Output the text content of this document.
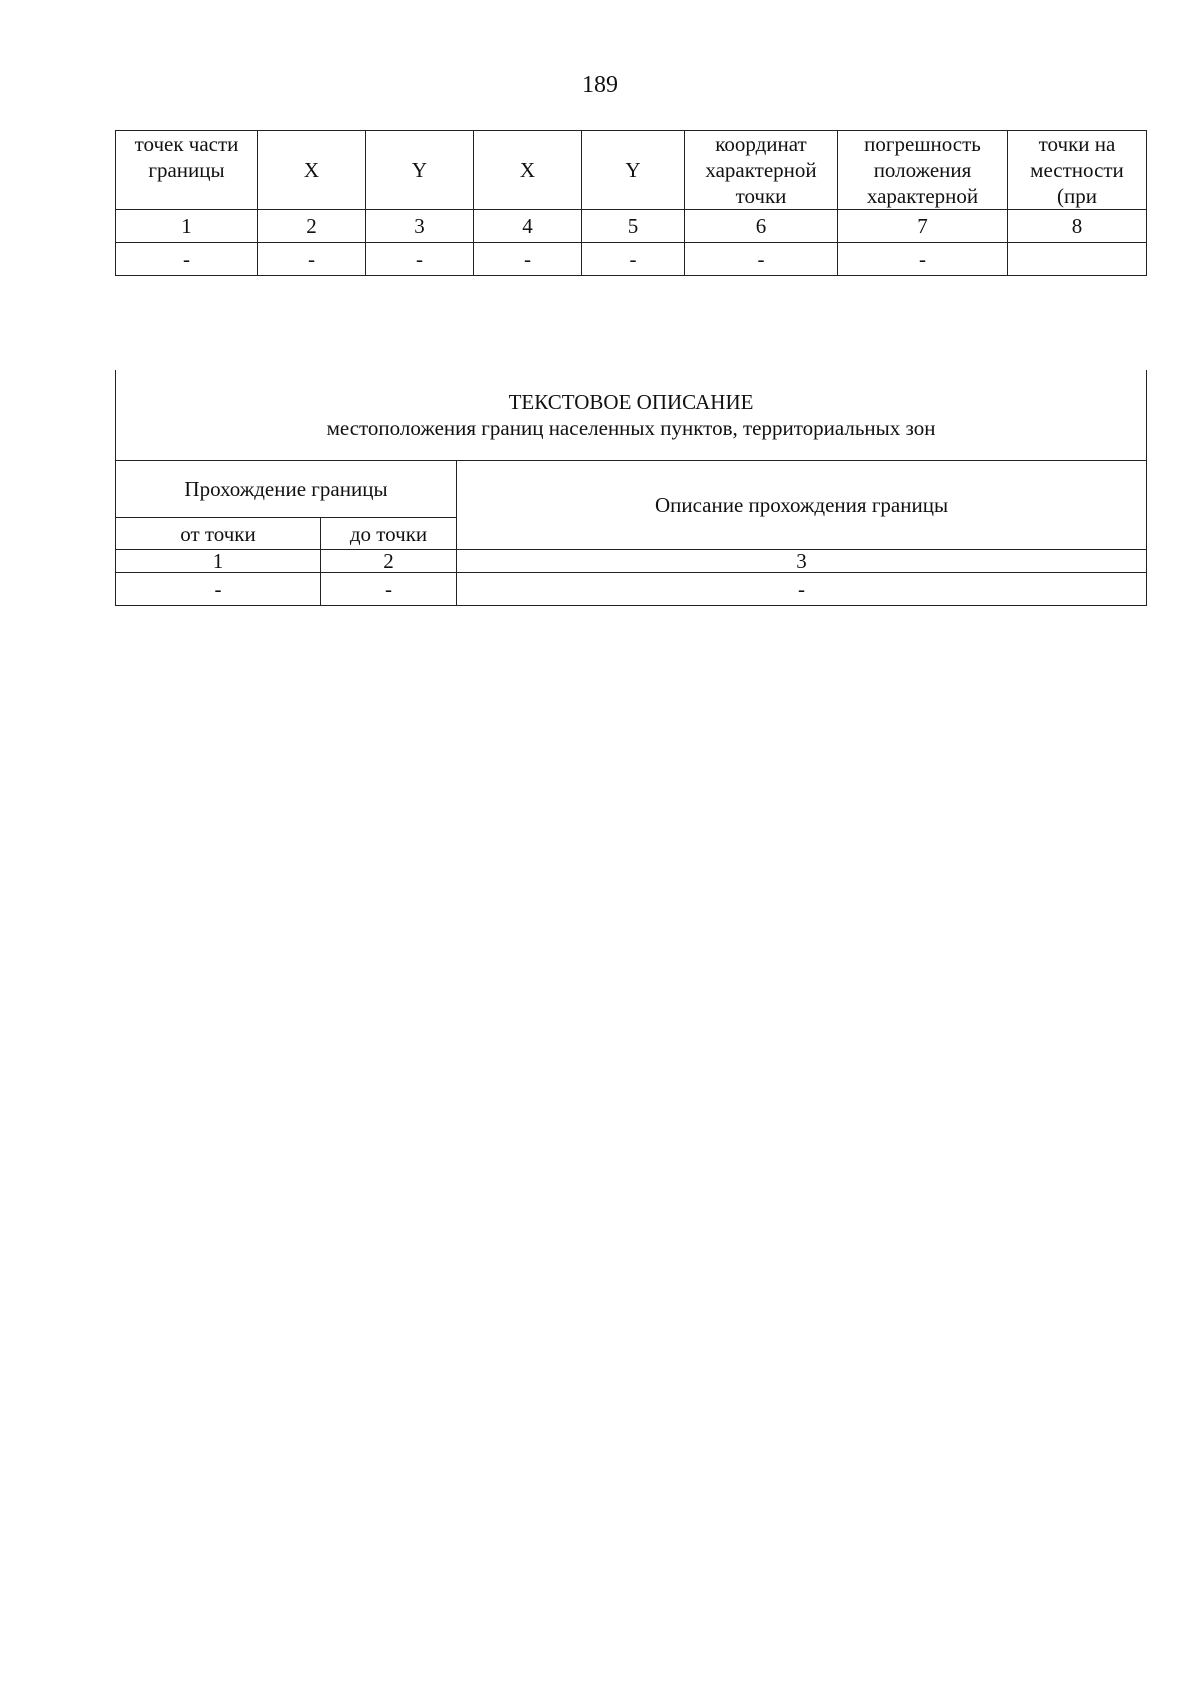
189
точек части границы	X	Y	X	Y	координат характерной точки	погрешность положения характерной	точки на местности (при
1	2	3	4	5	6	7	8
-	-	-	-	-	-	-	
ТЕКСТОВОЕ ОПИСАНИЕ
местоположения границ населенных пунктов, территориальных зон		

Прохождение границы		Описание прохождения границы
от точки	до точки	
1	2	3
-	-	-
